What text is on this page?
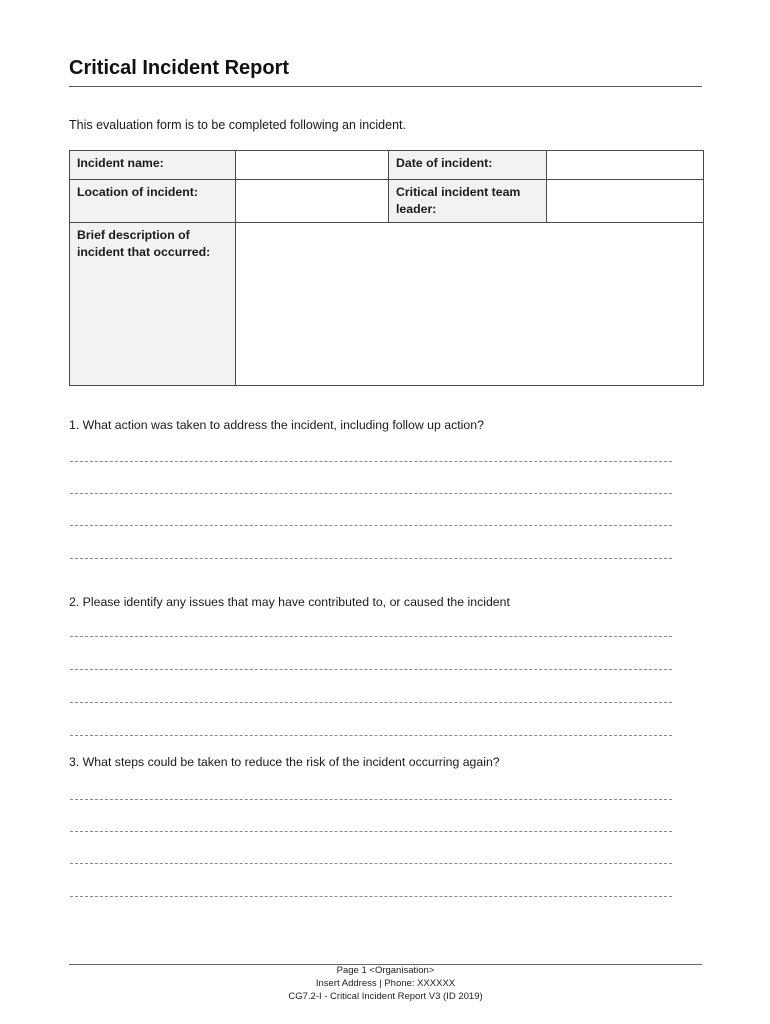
Critical Incident Report
This evaluation form is to be completed following an incident.
Incident name:		Date of incident:	
Location of incident:		Critical incident team leader:	
Brief description of incident that occurred:			
1. What action was taken to address the incident, including follow up action?
2. Please identify any issues that may have contributed to, or caused the incident
3. What steps could be taken to reduce the risk of the incident occurring again?
Page 1 <Organisation>
Insert Address | Phone: XXXXXX
CG7.2-I - Critical Incident Report V3 (ID 2019)
